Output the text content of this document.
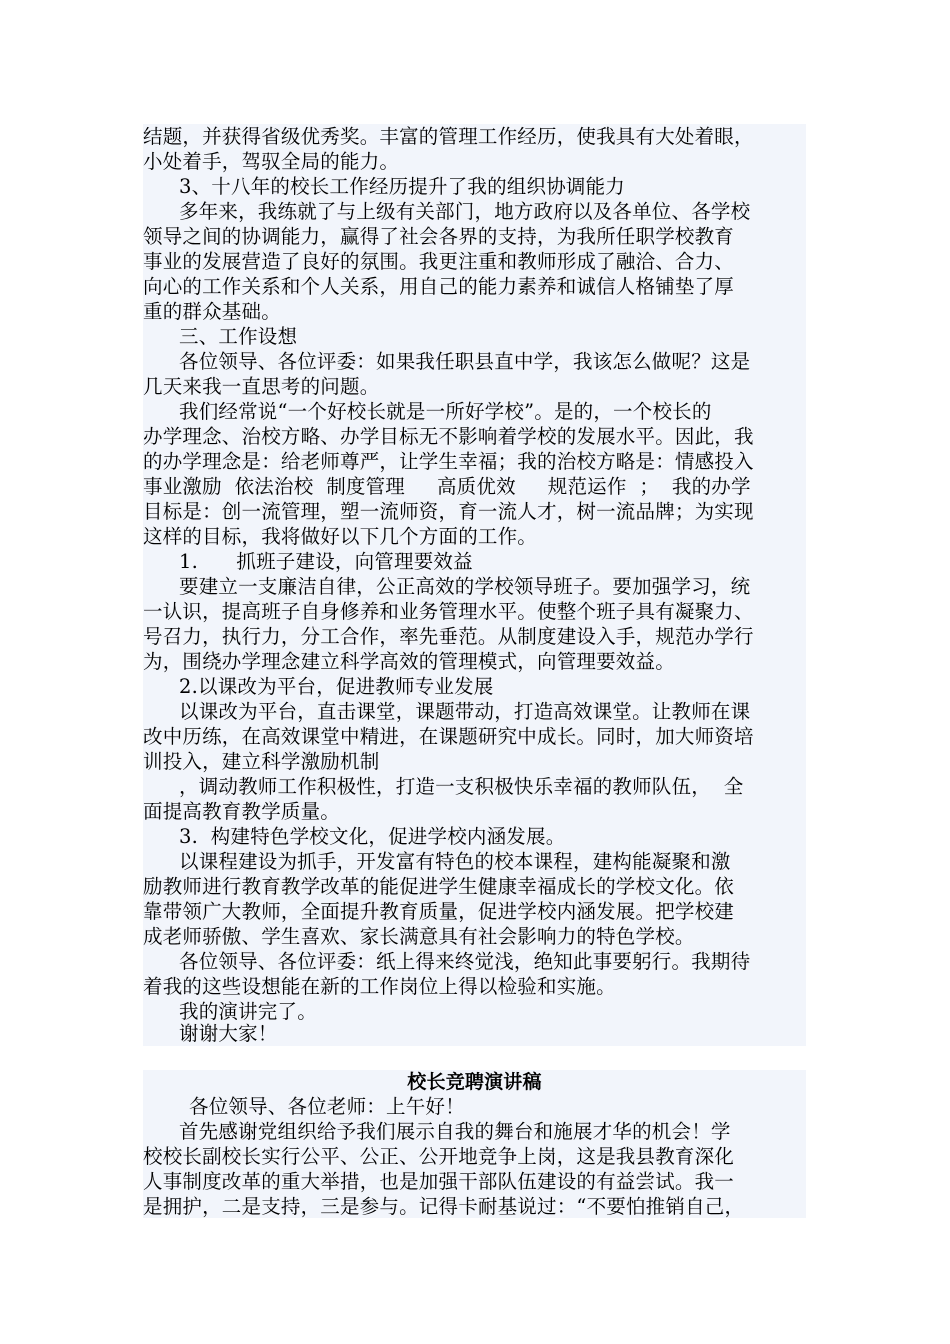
结题，并获得省级优秀奖。丰富的管理工作经历，使我具有大处着眼，
小处着手，驾驭全局的能力。
3、十八年的校长工作经历提升了我的组织协调能力
多年来，我练就了与上级有关部门，地方政府以及各单位、各学校
领导之间的协调能力，赢得了社会各界的支持，为我所任职学校教育
事业的发展营造了良好的氛围。我更注重和教师形成了融洽、合力、
向心的工作关系和个人关系，用自己的能力素养和诚信人格铺垫了厚
重的群众基础。
三、工作设想
各位领导、各位评委：如果我任职县直中学，我该怎么做呢？这是
几天来我一直思考的问题。
我们经常说“一个好校长就是一所好学校”。是的，一个校长的
办学理念、治校方略、办学目标无不影响着学校的发展水平。因此，我
的办学理念是：给老师尊严，让学生幸福；我的治校方略是：情感投入
事业激励  依法治校  制度管理     高质优效     规范运作  ；  我的办学
目标是：创一流管理，塑一流师资，育一流人才，树一流品牌；为实现
这样的目标，我将做好以下几个方面的工作。
1.      抓班子建设，向管理要效益
要建立一支廉洁自律，公正高效的学校领导班子。要加强学习，统
一认识，提高班子自身修养和业务管理水平。使整个班子具有凝聚力、
号召力，执行力，分工合作，率先垂范。从制度建设入手，规范办学行
为，围绕办学理念建立科学高效的管理模式，向管理要效益。
2.以课改为平台，促进教师专业发展
以课改为平台，直击课堂，课题带动，打造高效课堂。让教师在课
改中历练，在高效课堂中精进，在课题研究中成长。同时，加大师资培
训投入，建立科学激励机制
，调动教师工作积极性，打造一支积极快乐幸福的教师队伍，  全
面提高教育教学质量。
3.  构建特色学校文化，促进学校内涵发展。
以课程建设为抓手，开发富有特色的校本课程，建构能凝聚和激
励教师进行教育教学改革的能促进学生健康幸福成长的学校文化。依
靠带领广大教师，全面提升教育质量，促进学校内涵发展。把学校建
成老师骄傲、学生喜欢、家长满意具有社会影响力的特色学校。
各位领导、各位评委：纸上得来终觉浅，绝知此事要躬行。我期待
着我的这些设想能在新的工作岗位上得以检验和实施。
我的演讲完了。
谢谢大家！
校长竞聘演讲稿
各位领导、各位老师：上午好！
首先感谢党组织给予我们展示自我的舞台和施展才华的机会！学
校校长副校长实行公平、公正、公开地竞争上岗，这是我县教育深化
人事制度改革的重大举措，也是加强干部队伍建设的有益尝试。我一
是拥护，二是支持，三是参与。记得卡耐基说过：“不要怕推销自己，
